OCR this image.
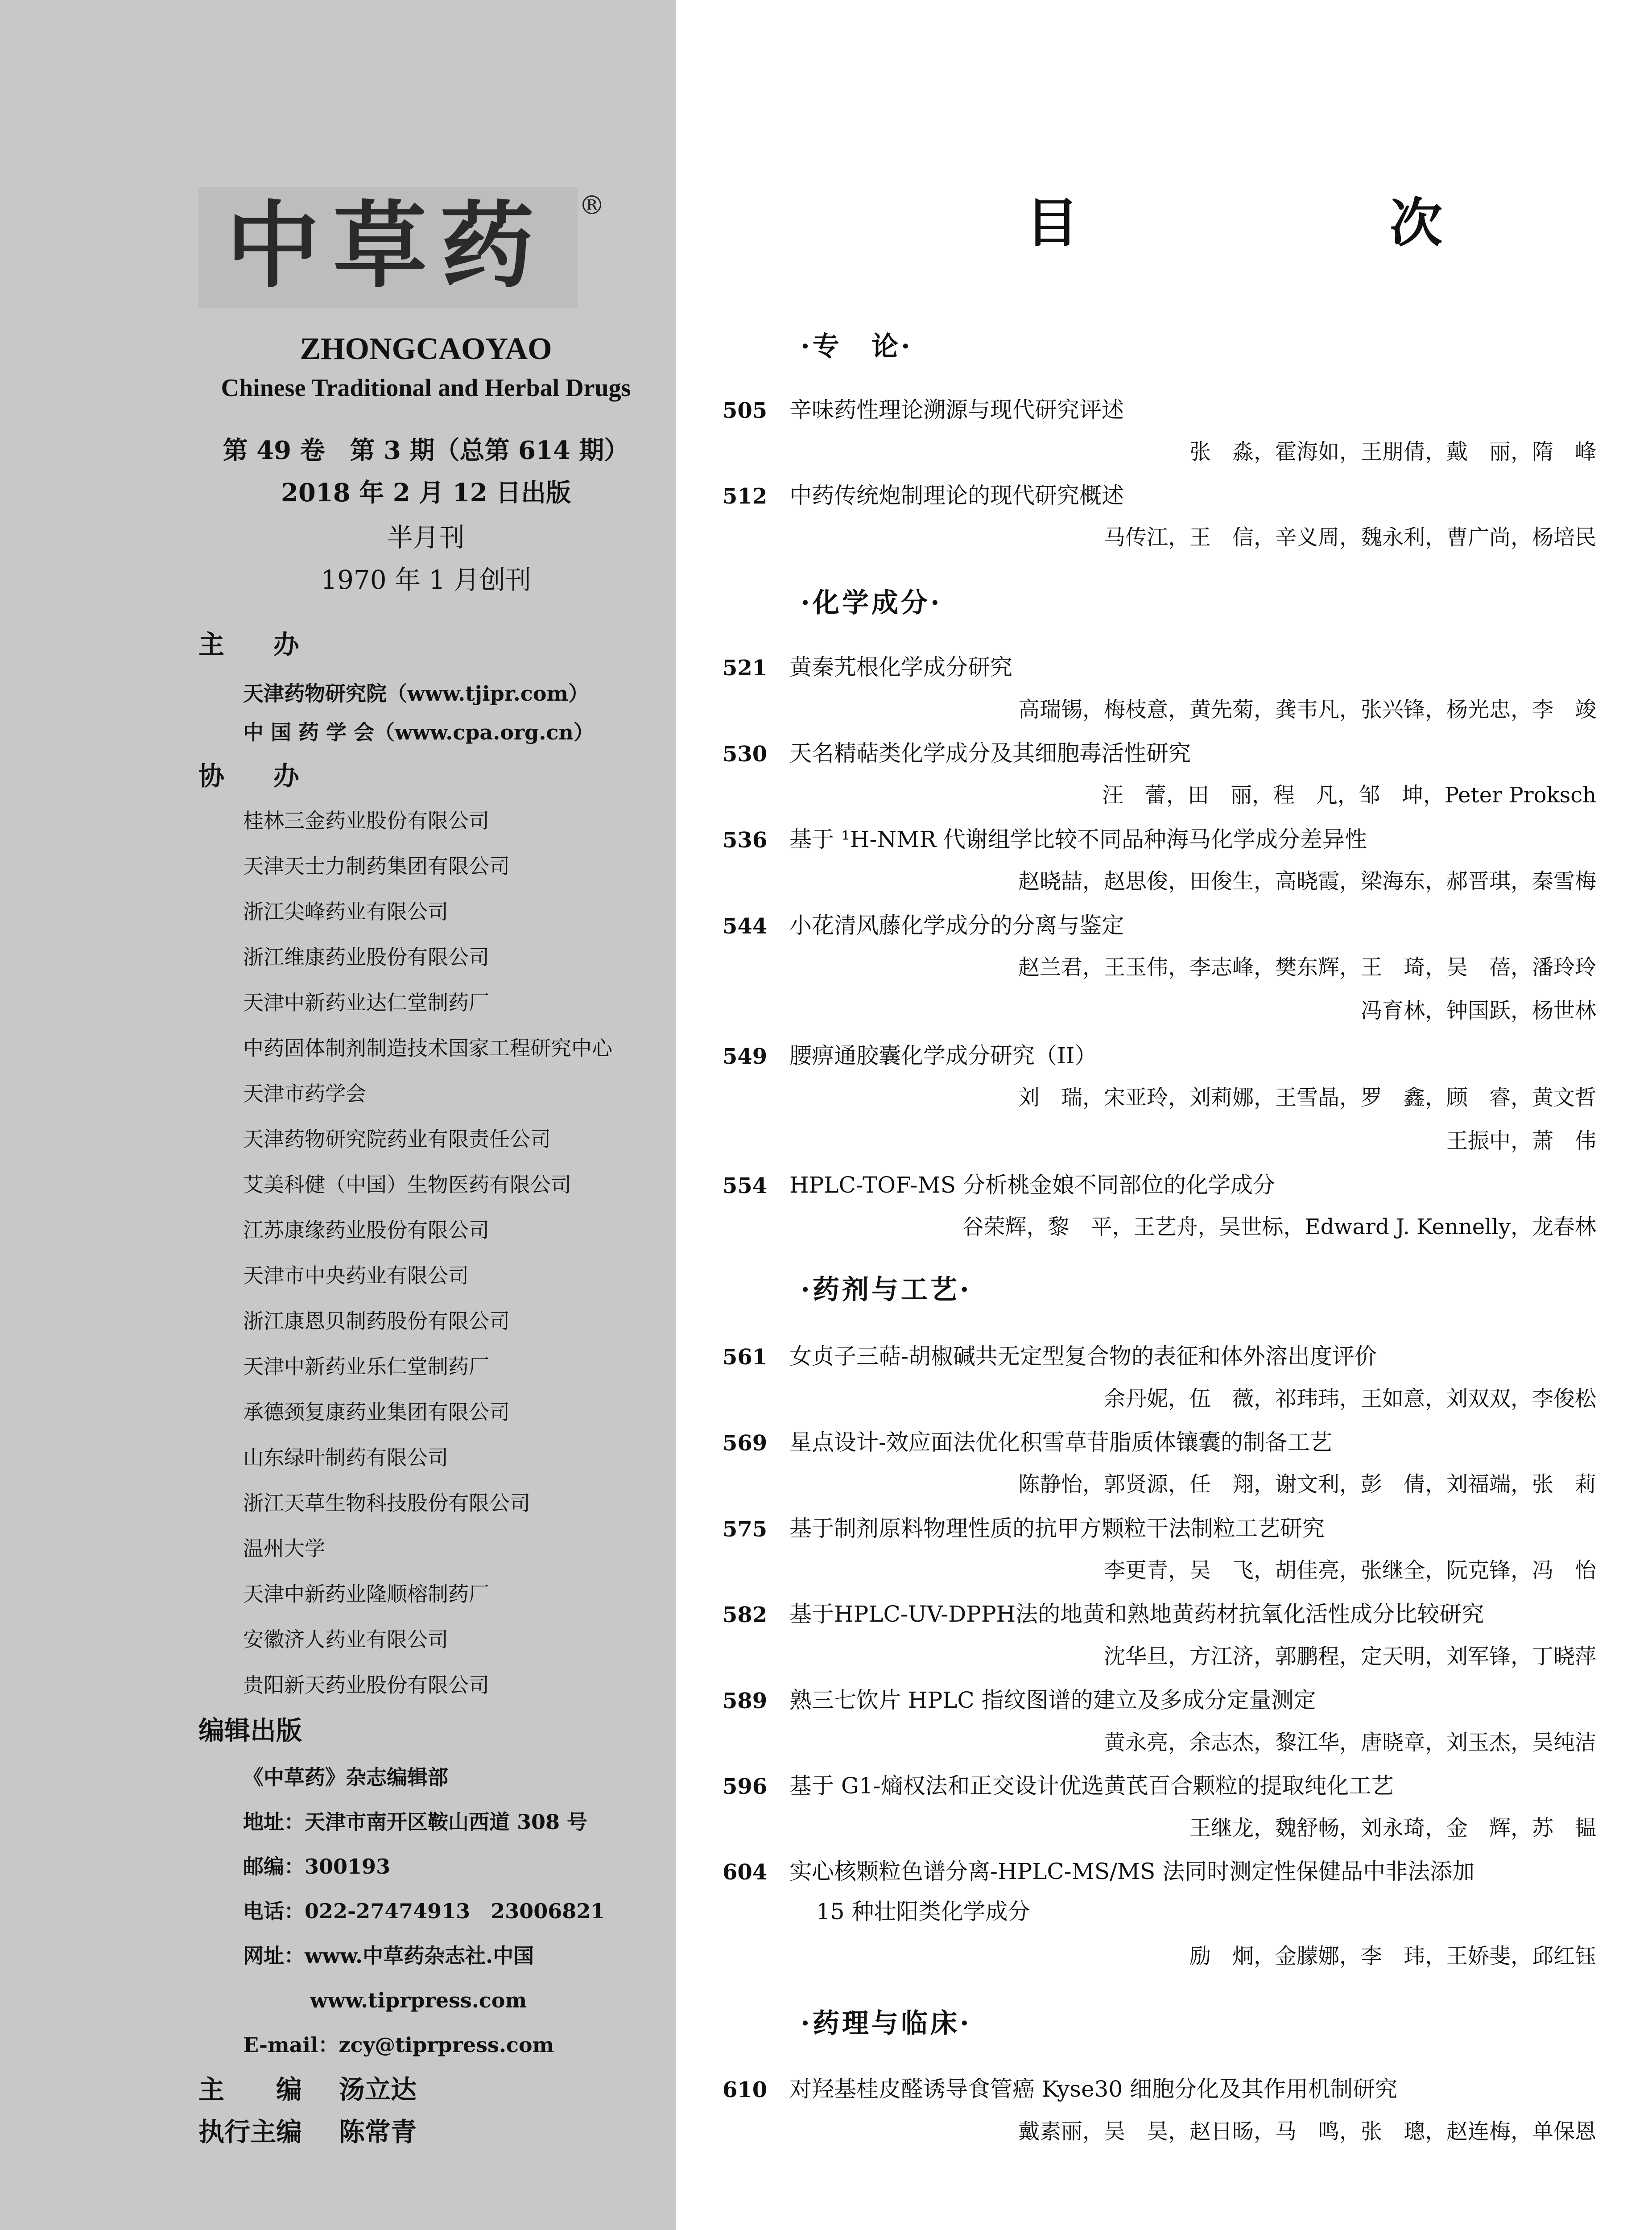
中草药	®
ZHONGCAOYAO
Chinese Traditional and Herbal Drugs
第 49 卷　第 3 期（总第 614 期）
2018 年 2 月 12 日出版
半月刊
1970 年 1 月创刊
主办
天津药物研究院（www.tjipr.com）
中 国 药 学 会（www.cpa.org.cn）
协办
桂林三金药业股份有限公司
天津天士力制药集团有限公司
浙江尖峰药业有限公司
浙江维康药业股份有限公司
天津中新药业达仁堂制药厂
中药固体制剂制造技术国家工程研究中心
天津市药学会
天津药物研究院药业有限责任公司
艾美科健（中国）生物医药有限公司
江苏康缘药业股份有限公司
天津市中央药业有限公司
浙江康恩贝制药股份有限公司
天津中新药业乐仁堂制药厂
承德颈复康药业集团有限公司
山东绿叶制药有限公司
浙江天草生物科技股份有限公司
温州大学
天津中新药业隆顺榕制药厂
安徽济人药业有限公司
贵阳新天药业股份有限公司
编辑出版
《中草药》杂志编辑部
地址：天津市南开区鞍山西道 308 号
邮编：300193
电话：022-27474913　23006821
网址：www.中草药杂志社.中国
www.tiprpress.com
E-mail：zcy@tiprpress.com
主　　编 汤立达
执行主编 陈常青
目　次
·专　论·
505 辛味药性理论溯源与现代研究评述
张　淼，霍海如，王朋倩，戴　丽，隋　峰
512 中药传统炮制理论的现代研究概述
马传江，王　信，辛义周，魏永利，曹广尚，杨培民
·化学成分·
521 黄秦艽根化学成分研究
高瑞锡，梅枝意，黄先菊，龚韦凡，张兴锋，杨光忠，李　竣
530 天名精萜类化学成分及其细胞毒活性研究
汪　蕾，田　丽，程　凡，邹　坤，Peter Proksch
536 基于 ¹H-NMR 代谢组学比较不同品种海马化学成分差异性
赵晓喆，赵思俊，田俊生，高晓霞，梁海东，郝晋琪，秦雪梅
544 小花清风藤化学成分的分离与鉴定
赵兰君，王玉伟，李志峰，樊东辉，王　琦，吴　蓓，潘玲玲
冯育林，钟国跃，杨世林
549 腰痹通胶囊化学成分研究（II）
刘　瑞，宋亚玲，刘莉娜，王雪晶，罗　鑫，顾　睿，黄文哲
王振中，萧　伟
554 HPLC-TOF-MS 分析桃金娘不同部位的化学成分
谷荣辉，黎　平，王艺舟，吴世标，Edward J. Kennelly，龙春林
·药剂与工艺·
561 女贞子三萜-胡椒碱共无定型复合物的表征和体外溶出度评价
余丹妮，伍　薇，祁玮玮，王如意，刘双双，李俊松
569 星点设计-效应面法优化积雪草苷脂质体镶囊的制备工艺
陈静怡，郭贤源，任　翔，谢文利，彭　倩，刘福端，张　莉
575 基于制剂原料物理性质的抗甲方颗粒干法制粒工艺研究
李更青，吴　飞，胡佳亮，张继全，阮克锋，冯　怡
582 基于HPLC-UV-DPPH法的地黄和熟地黄药材抗氧化活性成分比较研究
沈华旦，方江济，郭鹏程，定天明，刘军锋，丁晓萍
589 熟三七饮片 HPLC 指纹图谱的建立及多成分定量测定
黄永亮，余志杰，黎江华，唐晓章，刘玉杰，吴纯洁
596 基于 G1-熵权法和正交设计优选黄芪百合颗粒的提取纯化工艺
王继龙，魏舒畅，刘永琦，金　辉，苏　韫
604 实心核颗粒色谱分离-HPLC-MS/MS 法同时测定性保健品中非法添加
15 种壮阳类化学成分
励　炯，金朦娜，李　玮，王娇斐，邱红钰
·药理与临床·
610 对羟基桂皮醛诱导食管癌 Kyse30 细胞分化及其作用机制研究
戴素丽，吴　昊，赵日旸，马　鸣，张　璁，赵连梅，单保恩
